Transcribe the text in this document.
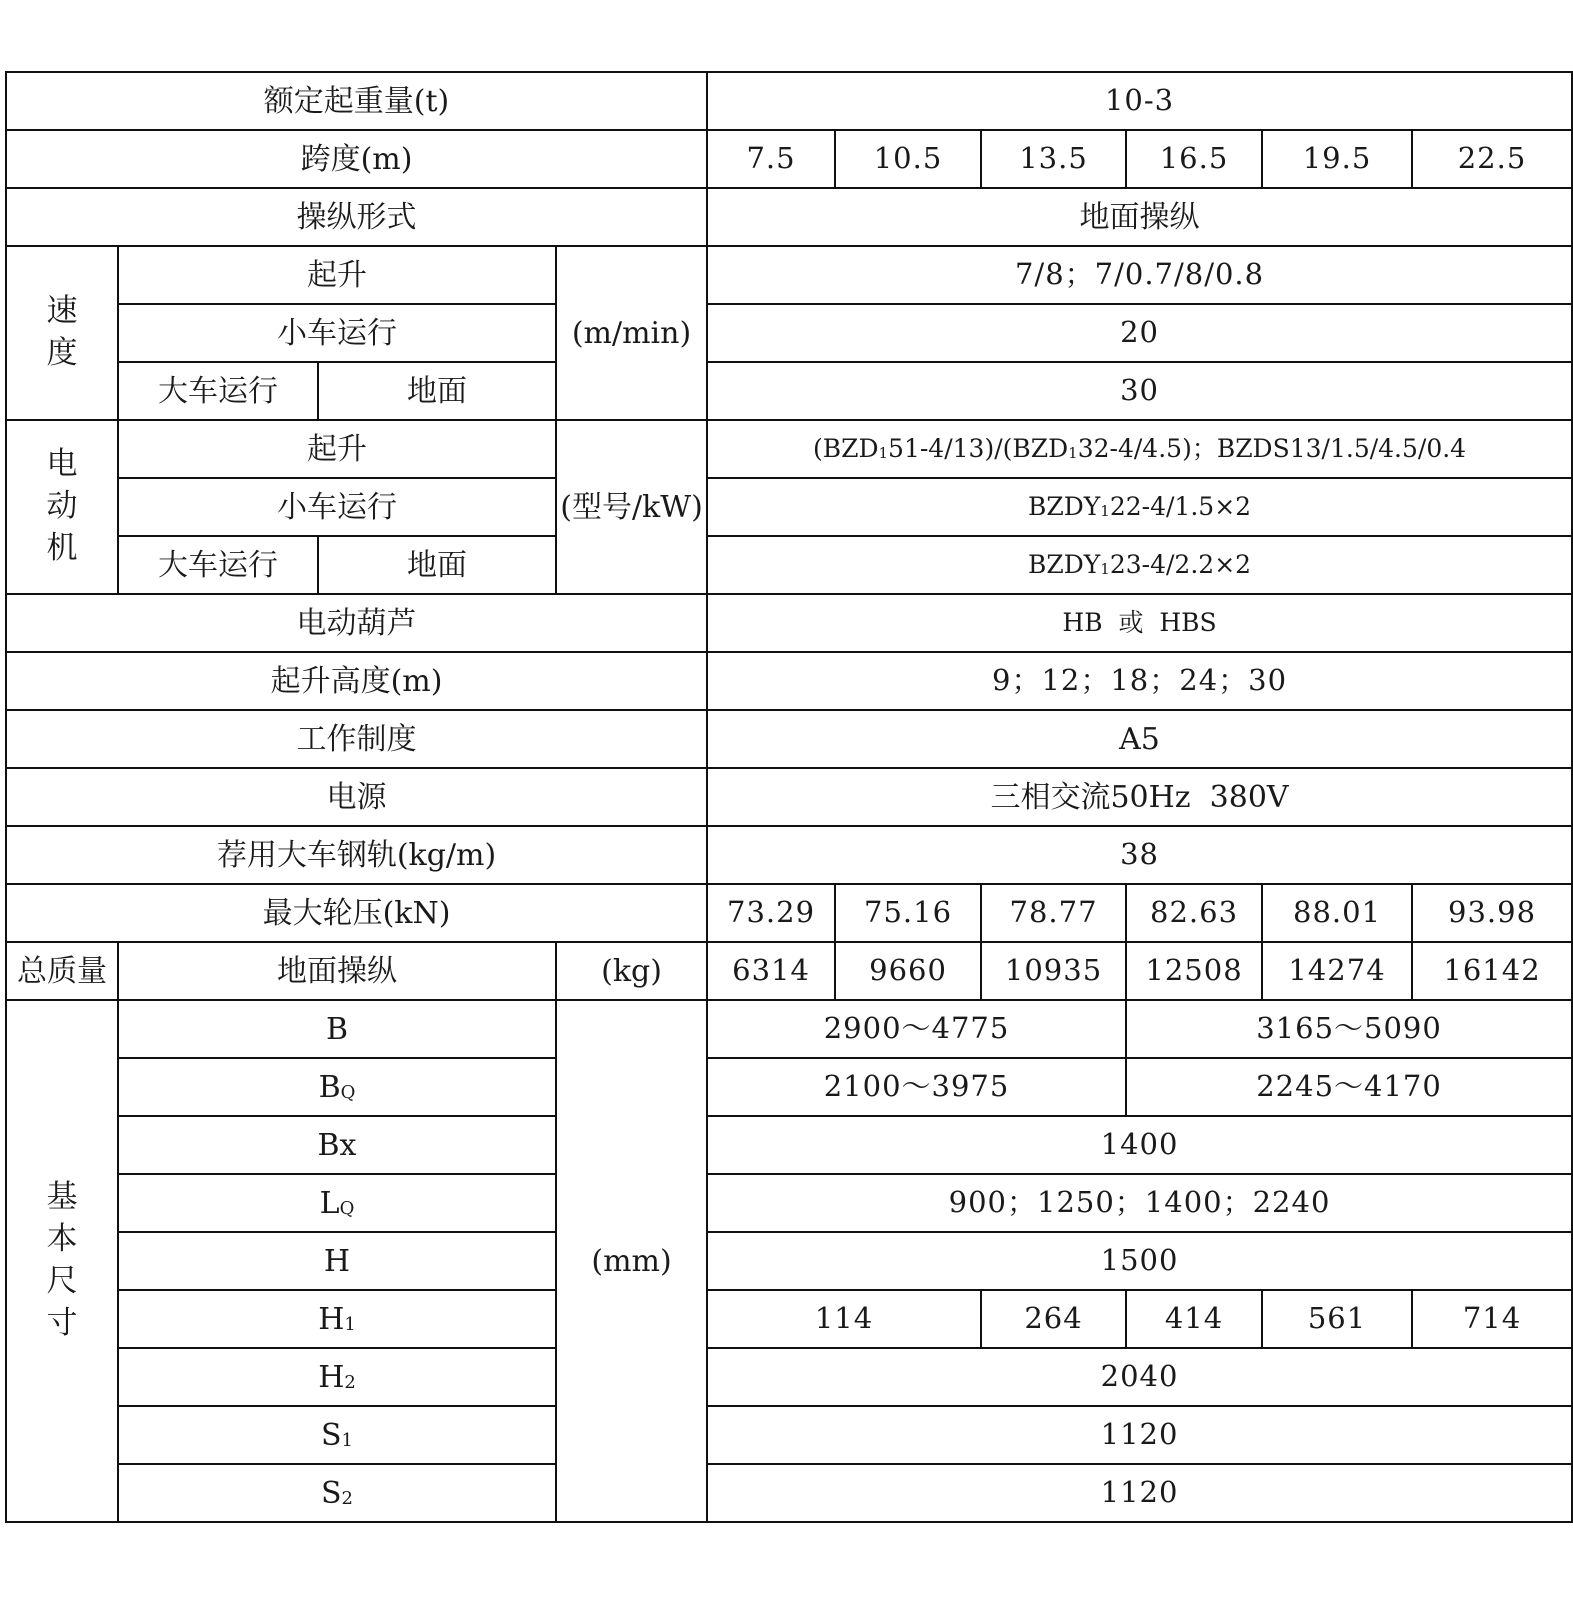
额定起重量(t)				10-3					
跨度(m)				7.5	10.5	13.5	16.5	19.5	22.5
操纵形式				地面操纵					

速
度	起升		(m/min)	7/8；7/0.7/8/0.8					
	小车运行			20					
	大车运行	地面		30					

电
动
机	起升		(型号/kW)	$(BZD_151-4/13)/(BZD_132-4/4.5)$；BZDS13/1.5/4.5/0.4					
	小车运行			$BZDY_122-4/1.5\times 2$					
	大车运行	地面		$BZDY_123-4/2.2\times 2$					
电动葫芦				HB  或  HBS					
起升高度(m)				9；12；18；24；30					
工作制度				A5					
电源				三相交流50Hz  380V					
荐用大车钢轨(kg/m)				38					
最大轮压(kN)				73.29	75.16	78.77	82.63	88.01	93.98
总质量	地面操纵		(kg)	6314	9660	10935	12508	14274	16142

基
本
尺
寸	B		(mm)	2900～4775			3165～5090		
	$B_Q$			2100～3975			2245～4170		
	Bx			1400					
	$L_Q$			900；1250；1400；2240					
	H			1500					
	$H_1$			114		264	414	561	714
	$H_2$			2040					
	$S_1$			1120					
	$S_2$			1120					
